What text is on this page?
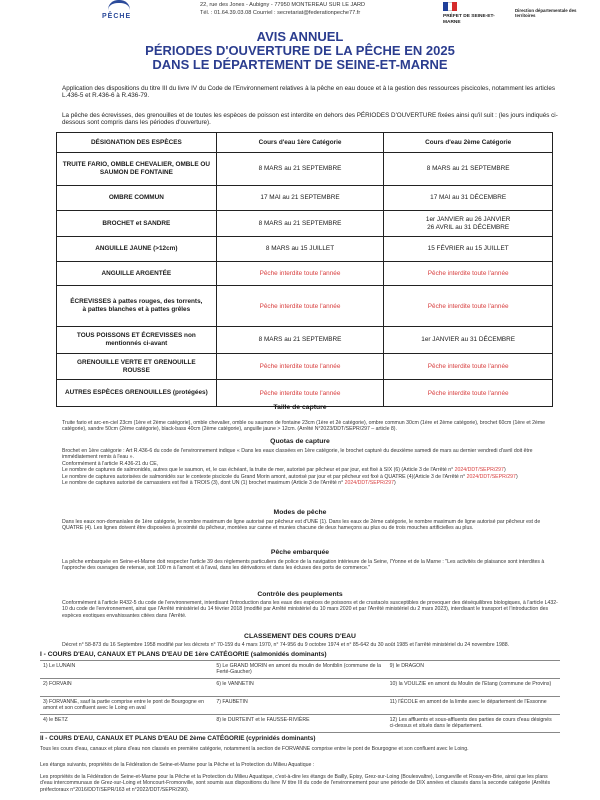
PÊCHE
22, rue des Jones - Aubigny - 77950 MONTEREAU SUR LE JARD
Tél. : 01.64.39.03.08 Courriel : secretariat@federationpeche77.fr
PRÉFET DE SEINE-ET-MARNE
Direction départementale des territoires
AVIS ANNUEL
PÉRIODES D'OUVERTURE DE LA PÊCHE EN 2025
DANS LE DÉPARTEMENT DE SEINE-ET-MARNE
Application des dispositions du titre III du livre IV du Code de l'Environnement relatives à la pêche en eau douce et à la gestion des ressources piscicoles, notamment les articles L.436-5 et R.436-6 à R.436-79.
La pêche des écrevisses, des grenouilles et de toutes les espèces de poisson est interdite en dehors des PÉRIODES D'OUVERTURE fixées ainsi qu'il suit : (les jours indiqués ci-dessous sont compris dans les périodes d'ouverture).
DÉSIGNATION DES ESPÈCES	Cours d'eau 1ère Catégorie	Cours d'eau 2ème Catégorie
TRUITE FARIO, OMBLE CHEVALIER, OMBLE OU SAUMON DE FONTAINE	8 MARS au 21 SEPTEMBRE	8 MARS au 21 SEPTEMBRE
OMBRE COMMUN	17 MAI au 21 SEPTEMBRE	17 MAI au 31 DÉCEMBRE
BROCHET et SANDRE	8 MARS au 21 SEPTEMBRE	1er JANVIER au 26 JANVIER
26 AVRIL au 31 DÉCEMBRE

ANGUILLE JAUNE (>12cm)	8 MARS au 15 JUILLET	15 FÉVRIER au 15 JUILLET
ANGUILLE ARGENTÉE	Pêche interdite toute l'année	Pêche interdite toute l'année

ÉCREVISSES à pattes rouges, des torrents,
à pattes blanches et à pattes grêles	Pêche interdite toute l'année	Pêche interdite toute l'année

TOUS POISSONS ET ÉCREVISSES non
mentionnés ci-avant	8 MARS au 21 SEPTEMBRE	1er JANVIER au 31 DÉCEMBRE

GRENOUILLE VERTE ET GRENOUILLE
ROUSSE	Pêche interdite toute l'année	Pêche interdite toute l'année
AUTRES ESPÈCES GRENOUILLES (protégées)	Pêche interdite toute l'année	Pêche interdite toute l'année
Taille de capture
Truite fario et arc-en-ciel 23cm (1ère et 2ème catégorie), omble chevalier, omble ou saumon de fontaine 23cm (1ère et 2è catégorie), ombre commun 30cm (1ère et 2ème catégorie), brochet 60cm (1ère et 2ème catégorie), sandre 50cm (2ème catégorie), black-bass 40cm (2ème catégorie), anguille jaune > 12cm. (Arrêté N°2023/DDT/SEPR/297 – article 8).
Quotas de capture
Brochet en 1ère catégorie : Art R.436-6 du code de l'environnement indique « Dans les eaux classées en 1ère catégorie, le brochet capturé du deuxième samedi de mars au dernier vendredi d'avril doit être immédiatement remis à l'eau ».
Conformément à l'article R.436-21 du CE,
Le nombre de captures de salmonidés, autres que le saumon, et, le cas échéant, la truite de mer, autorisé par pêcheur et par jour, est fixé à SIX (6) (Article 3 de l'Arrêté n° 2024/DDT/SEPR/297)
Le nombre de captures autorisées de salmonidés sur le contexte piscicole du Grand Morin amont, autorisé par jour et par pêcheur est fixé à QUATRE (4)(Article 3 de l'Arrêté n° 2024/DDT/SEPR/297)
Le nombre de captures autorisé de carnassiers est fixé à TROIS (3), dont UN (1) brochet maximum (Article 3 de l'Arrêté n° 2024/DDT/SEPR/297)
Modes de pêche
Dans les eaux non-domaniales de 1ère catégorie, le nombre maximum de ligne autorisé par pêcheur est d'UNE (1). Dans les eaux de 2ème catégorie, le nombre maximum de ligne autorisé par pêcheur est de QUATRE (4). Les lignes doivent être disposées à proximité du pêcheur, montées sur canne et munies chacune de deux hameçons au plus ou de trois mouches artificielles au plus.
Pêche embarquée
La pêche embarquée en Seine-et-Marne doit respecter l'article 39 des règlements particuliers de police de la navigation intérieure de la Seine, l'Yonne et de la Marne : "Les activités de plaisance sont interdites à l'approche des ouvrages de retenue, soit 100 m à l'amont et à l'aval, dans les dérivations et dans les écluses des ports de commerce."
Contrôle des peuplements
Conformément à l'article R432-5 du code de l'environnement, interdisant l'introduction dans les eaux des espèces de poissons et de crustacés susceptibles de provoquer des déséquilibres biologiques, à l'article L432-10 du code de l'environnement, ainsi que l'Arrêté ministériel du 14 février 2018 (modifié par Arrêté ministériel du 10 mars 2020 et par l'Arrêté ministériel du 2 mars 2023), interdisant le transport et l'introduction des espèces exotiques envahissantes citées dans l'Arrêté.
CLASSEMENT DES COURS D'EAU
Décret n° 58-873 du 16 Septembre 1958 modifié par les décrets n° 70-159 du 4 mars 1970, n° 74-956 du 9 octobre 1974 et n° 85-642 du 30 août 1985 et l'arrêté ministériel du 24 novembre 1988.
I - COURS D'EAU, CANAUX ET PLANS D'EAU DE 1ère CATÉGORIE (salmonidés dominants)
1) Le LUNAIN	5) Le GRAND MORIN en amont du moulin de Montblin (commune de la Ferté-Gaucher)	9) le DRAGON
2) FORVAIN	6) le VANNETIN	10) la VOULZIE en amont du Moulin de l'Etang (commune de Provins)
3) FORVANNE, sauf la partie comprise entre le pont de Bourgogne en amont et son confluent avec le Loing en aval	7) FAUBETIN	11) l'ÉCOLE en amont de la limite avec le département de l'Essonne
4) le BETZ	8) le DURTEINT et le FAUSSE-RIVIÈRE	12) Les affluents et sous-affluents des parties de cours d'eau désignés ci-dessus et situés dans le département.
II - COURS D'EAU, CANAUX ET PLANS D'EAU DE 2ème CATÉGORIE (cyprinidés dominants)
Tous les cours d'eau, canaux et plans d'eau non classés en première catégorie, notamment la section de FORVANNE comprise entre le pont de Bourgogne et son confluent avec le Loing.
Les étangs suivants, propriétés de la Fédération de Seine-et-Marne pour la Pêche et la Protection du Milieu Aquatique :
Les propriétés de la Fédération de Seine-et-Marne pour la Pêche et la Protection du Milieu Aquatique, c'est-à-dire les étangs de Bailly, Episy, Grez-sur-Loing (Boulesvaltre), Longueville et Rosay-en-Brie, ainsi que les plans d'eau intercommunaux de Grez-sur-Loing et Moncourt-Fromonville, sont soumis aux dispositions du livre IV titre III du code de l'environnement pour une période de DIX années et classés dans la seconde catégorie (Arrêtés préfectoraux n°2016/DDT/SEPR/163 et n°2022/DDT/SEPR/290).
